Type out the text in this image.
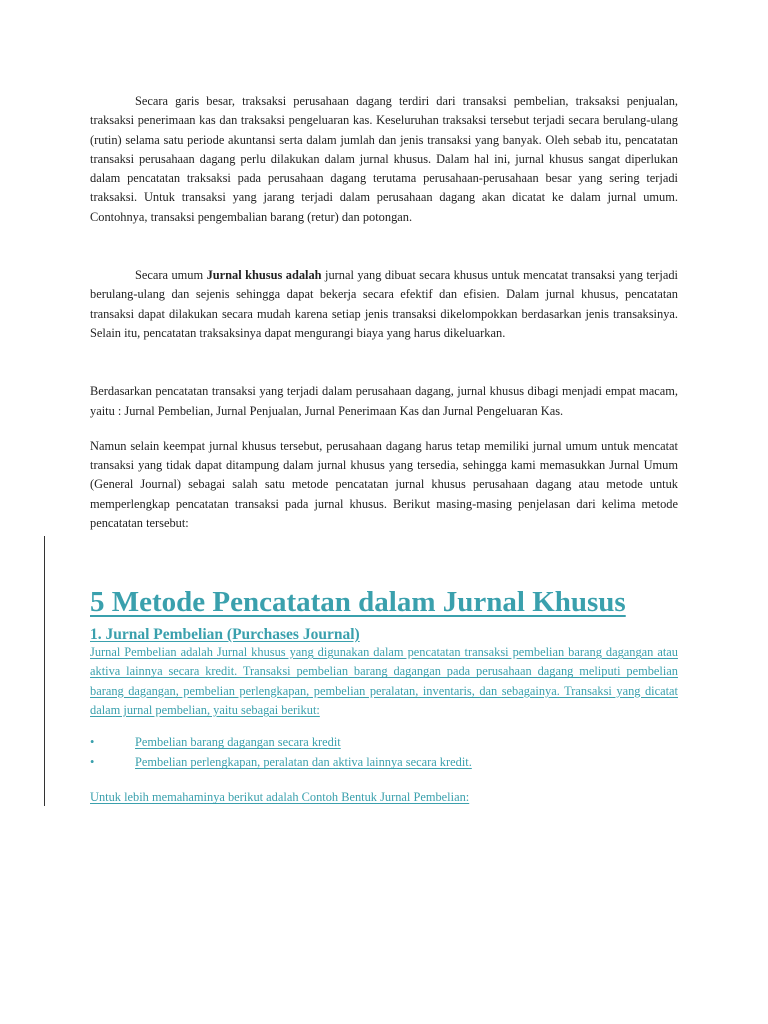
Secara garis besar, traksaksi perusahaan dagang terdiri dari transaksi pembelian, traksaksi penjualan, traksaksi penerimaan kas dan traksaksi pengeluaran kas. Keseluruhan traksaksi tersebut terjadi secara berulang-ulang (rutin) selama satu periode akuntansi serta dalam jumlah dan jenis transaksi yang banyak. Oleh sebab itu, pencatatan transaksi perusahaan dagang perlu dilakukan dalam jurnal khusus. Dalam hal ini, jurnal khusus sangat diperlukan dalam pencatatan traksaksi pada perusahaan dagang terutama perusahaan-perusahaan besar yang sering terjadi traksaksi. Untuk transaksi yang jarang terjadi dalam perusahaan dagang akan dicatat ke dalam jurnal umum. Contohnya, transaksi pengembalian barang (retur) dan potongan.

Secara umum Jurnal khusus adalah jurnal yang dibuat secara khusus untuk mencatat transaksi yang terjadi berulang-ulang dan sejenis sehingga dapat bekerja secara efektif dan efisien. Dalam jurnal khusus, pencatatan transaksi dapat dilakukan secara mudah karena setiap jenis transaksi dikelompokkan berdasarkan jenis transaksinya. Selain itu, pencatatan traksaksinya dapat mengurangi biaya yang harus dikeluarkan.

Berdasarkan pencatatan transaksi yang terjadi dalam perusahaan dagang, jurnal khusus dibagi menjadi empat macam, yaitu : Jurnal Pembelian, Jurnal Penjualan, Jurnal Penerimaan Kas dan Jurnal Pengeluaran Kas.

Namun selain keempat jurnal khusus tersebut, perusahaan dagang harus tetap memiliki jurnal umum untuk mencatat transaksi yang tidak dapat ditampung dalam jurnal khusus yang tersedia, sehingga kami memasukkan Jurnal Umum (General Journal) sebagai salah satu metode pencatatan jurnal khusus perusahaan dagang atau metode untuk memperlengkap pencatatan transaksi pada jurnal khusus. Berikut masing-masing penjelasan dari kelima metode pencatatan tersebut:

5 Metode Pencatatan dalam Jurnal Khusus
1. Jurnal Pembelian (Purchases Journal)

Jurnal Pembelian adalah Jurnal khusus yang digunakan dalam pencatatan transaksi pembelian barang dagangan atau aktiva lainnya secara kredit. Transaksi pembelian barang dagangan pada perusahaan dagang meliputi pembelian barang dagangan, pembelian perlengkapan, pembelian peralatan, inventaris, dan sebagainya. Transaksi yang dicatat dalam jurnal pembelian, yaitu sebagai berikut:

•	Pembelian barang dagangan secara kredit
•	Pembelian perlengkapan, peralatan dan aktiva lainnya secara kredit.

Untuk lebih memahaminya berikut adalah Contoh Bentuk Jurnal Pembelian:
